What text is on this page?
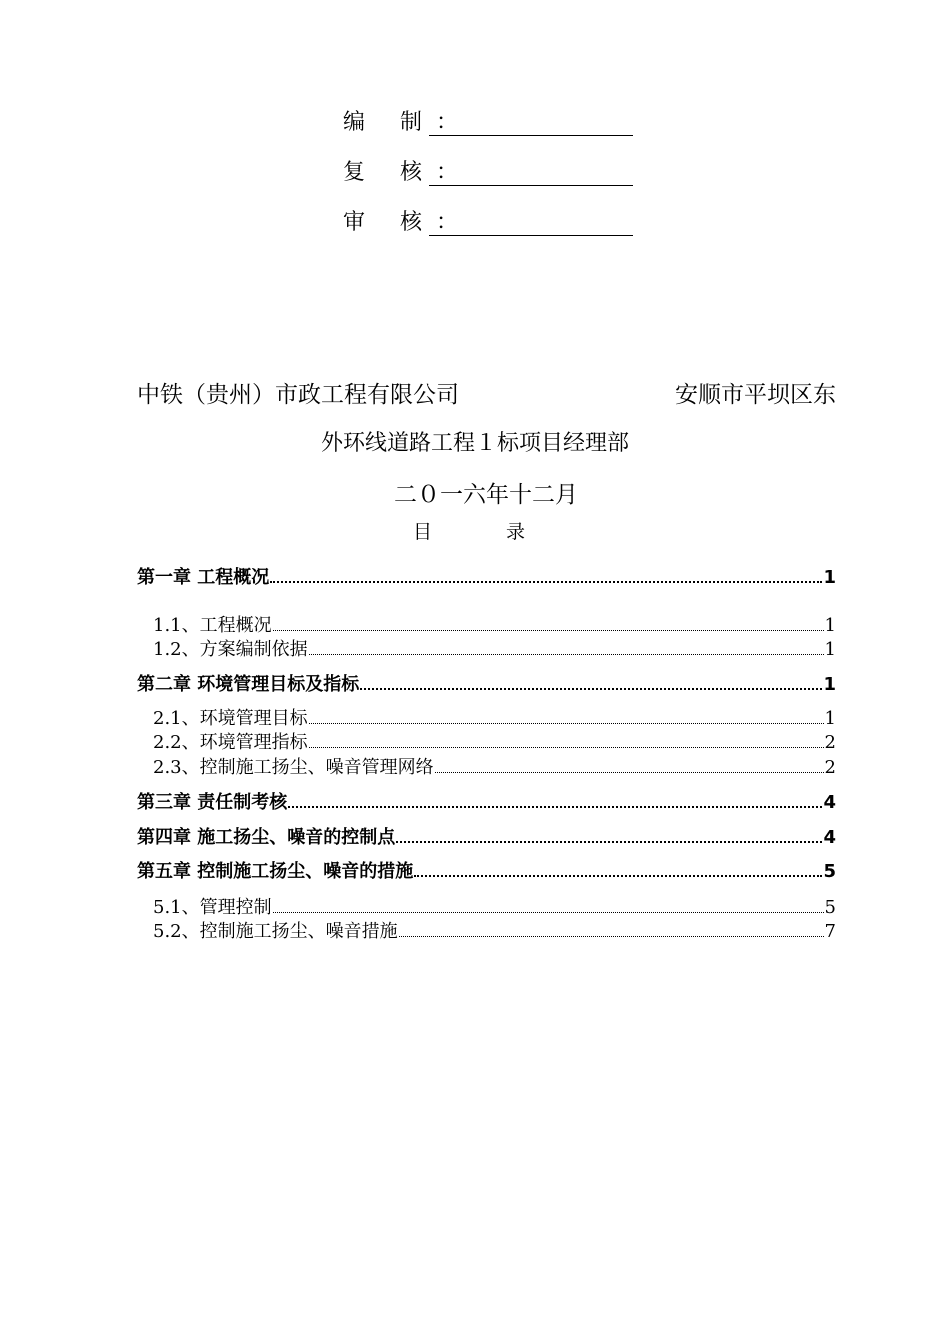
编 制：
复 核：
审 核：
中铁（贵州）市政工程有限公司	安顺市平坝区东
外环线道路工程１标项目经理部
二０一六年十二月
目 录
第一章 工程概况	1
1.1、工程概况	1
1.2、方案编制依据	1
第二章 环境管理目标及指标	1
2.1、环境管理目标	1
2.2、环境管理指标	2
2.3、控制施工扬尘、噪音管理网络	2
第三章 责任制考核	4
第四章 施工扬尘、噪音的控制点	4
第五章 控制施工扬尘、噪音的措施	5
5.1、管理控制	5
5.2、控制施工扬尘、噪音措施	7
